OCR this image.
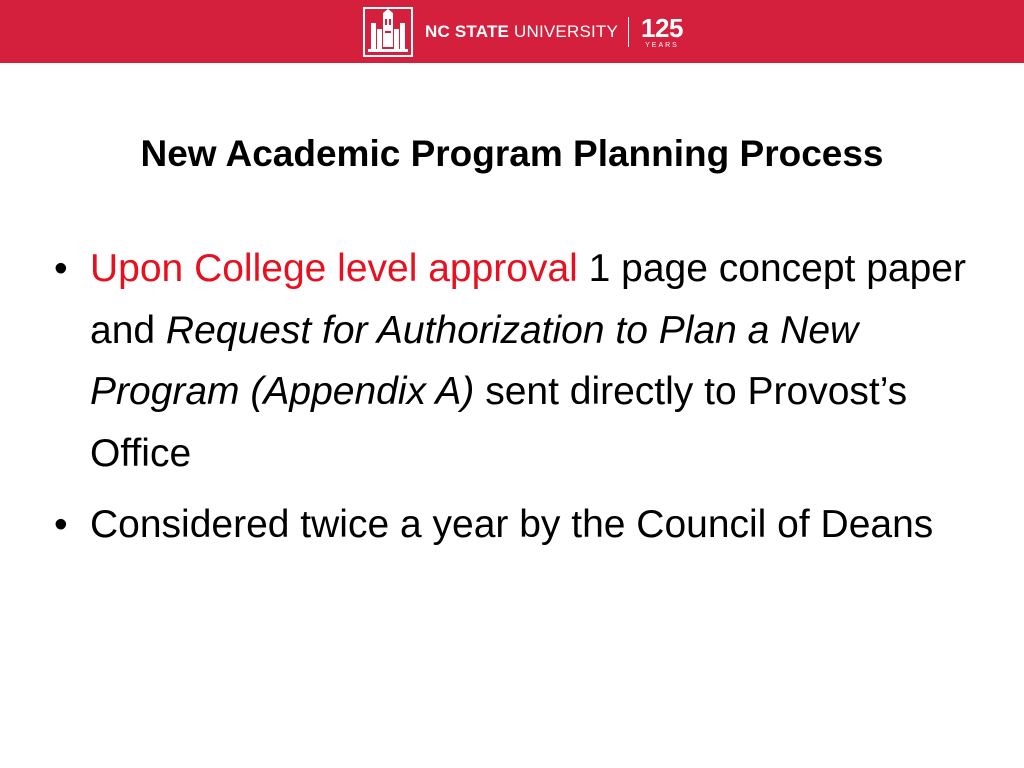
NC STATE UNIVERSITY 125
YEARS
New Academic Program Planning Process
• Upon College level approval 1 page concept paper and Request for Authorization to Plan a New Program (Appendix A) sent directly to Provost’s Office
• Considered twice a year by the Council of Deans
